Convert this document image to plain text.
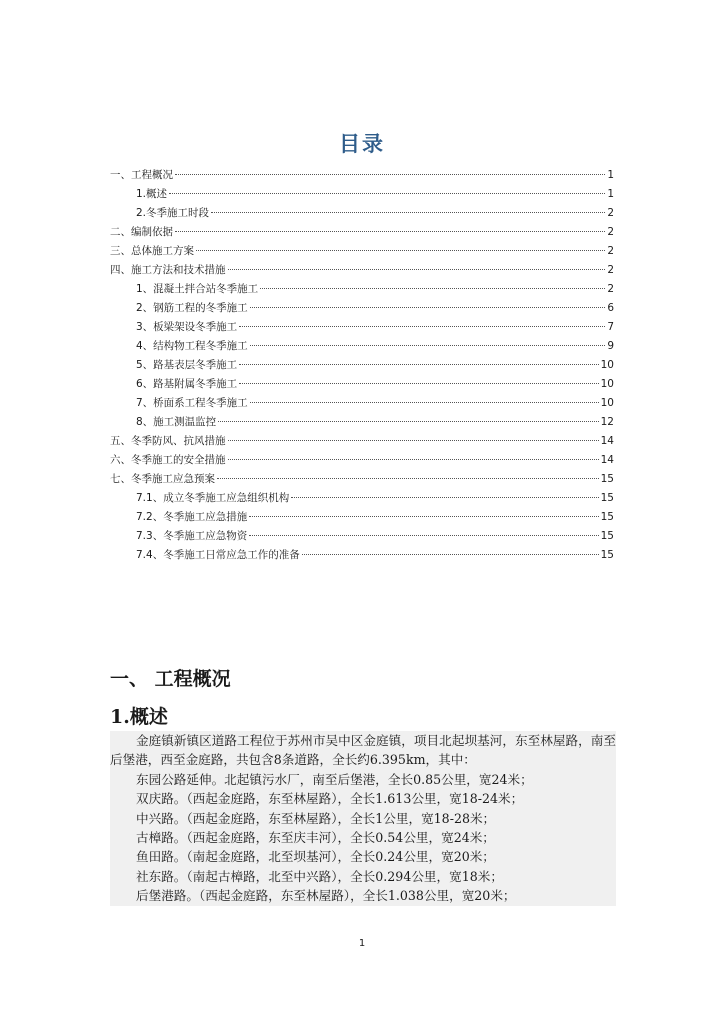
目录
一、工程概况	1
1.概述	1
2.冬季施工时段	2
二、编制依据	2
三、总体施工方案	2
四、施工方法和技术措施	2
1、混凝土拌合站冬季施工	2
2、钢筋工程的冬季施工	6
3、板梁架设冬季施工	7
4、结构物工程冬季施工	9
5、路基表层冬季施工	10
6、路基附属冬季施工	10
7、桥面系工程冬季施工	10
8、施工测温监控	12
五、冬季防风、抗风措施	14
六、冬季施工的安全措施	14
七、冬季施工应急预案	15
7.1、成立冬季施工应急组织机构	15
7.2、冬季施工应急措施	15
7.3、冬季施工应急物资	15
7.4、冬季施工日常应急工作的准备	15
一、 工程概况
1.概述
金庭镇新镇区道路工程位于苏州市吴中区金庭镇，项目北起坝基河，东至林屋路，南至后堡港，西至金庭路，共包含8条道路，全长约6.395km，其中：
东园公路延伸。北起镇污水厂，南至后堡港，全长0.85公里，宽24米；
双庆路。（西起金庭路，东至林屋路），全长1.613公里，宽18-24米；
中兴路。（西起金庭路，东至林屋路），全长1公里，宽18-28米；
古樟路。（西起金庭路，东至庆丰河），全长0.54公里，宽24米；
鱼田路。（南起金庭路，北至坝基河），全长0.24公里，宽20米；
社东路。（南起古樟路，北至中兴路），全长0.294公里，宽18米；
后堡港路。（西起金庭路，东至林屋路），全长1.038公里，宽20米；
1
